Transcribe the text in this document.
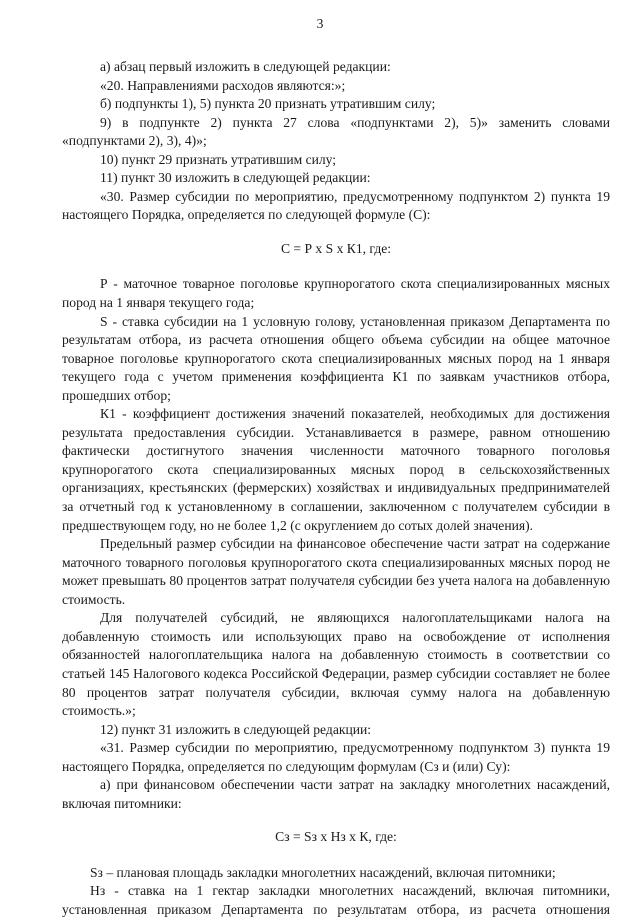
3

а) абзац первый изложить в следующей редакции:

«20. Направлениями расходов являются:»;

б) подпункты 1), 5) пункта 20 признать утратившим силу;

9) в подпункте 2) пункта 27 слова «подпунктами 2), 5)» заменить словами «подпунктами 2), 3), 4)»;

10) пункт 29 признать утратившим силу;

11) пункт 30 изложить в следующей редакции:

«30. Размер субсидии по мероприятию, предусмотренному подпунктом 2) пункта 19 настоящего Порядка, определяется по следующей формуле (С):

С = Р х S х К1, где:

Р - маточное товарное поголовье крупнорогатого скота специализированных мясных пород на 1 января текущего года;

S - ставка субсидии на 1 условную голову, установленная приказом Департамента по результатам отбора, из расчета отношения общего объема субсидии на общее маточное товарное поголовье крупнорогатого скота специализированных мясных пород на 1 января текущего года с учетом применения коэффициента К1 по заявкам участников отбора, прошедших отбор;

К1 - коэффициент достижения значений показателей, необходимых для достижения результата предоставления субсидии. Устанавливается в размере, равном отношению фактически достигнутого значения численности маточного товарного поголовья крупнорогатого скота специализированных мясных пород в сельскохозяйственных организациях, крестьянских (фермерских) хозяйствах и индивидуальных предпринимателей за отчетный год к установленному в соглашении, заключенном с получателем субсидии в предшествующем году, но не более 1,2 (с округлением до сотых долей значения).

Предельный размер субсидии на финансовое обеспечение части затрат на содержание маточного товарного поголовья крупнорогатого скота специализированных мясных пород не может превышать 80 процентов затрат получателя субсидии без учета налога на добавленную стоимость.

Для получателей субсидий, не являющихся налогоплательщиками налога на добавленную стоимость или использующих право на освобождение от исполнения обязанностей налогоплательщика налога на добавленную стоимость в соответствии со статьей 145 Налогового кодекса Российской Федерации, размер субсидии составляет не более 80 процентов затрат получателя субсидии, включая сумму налога на добавленную стоимость.»;

12) пункт 31 изложить в следующей редакции:

«31. Размер субсидии по мероприятию, предусмотренному подпунктом 3) пункта 19 настоящего Порядка, определяется по следующим формулам (Сз и (или) Су):

а) при финансовом обеспечении части затрат на закладку многолетних насаждений, включая питомники:

Сз = Sз х Нз х К, где:

Sз – плановая площадь закладки многолетних насаждений, включая питомники;

Нз - ставка на 1 гектар закладки многолетних насаждений, включая питомники, установленная приказом Департамента по результатам отбора, из расчета отношения
